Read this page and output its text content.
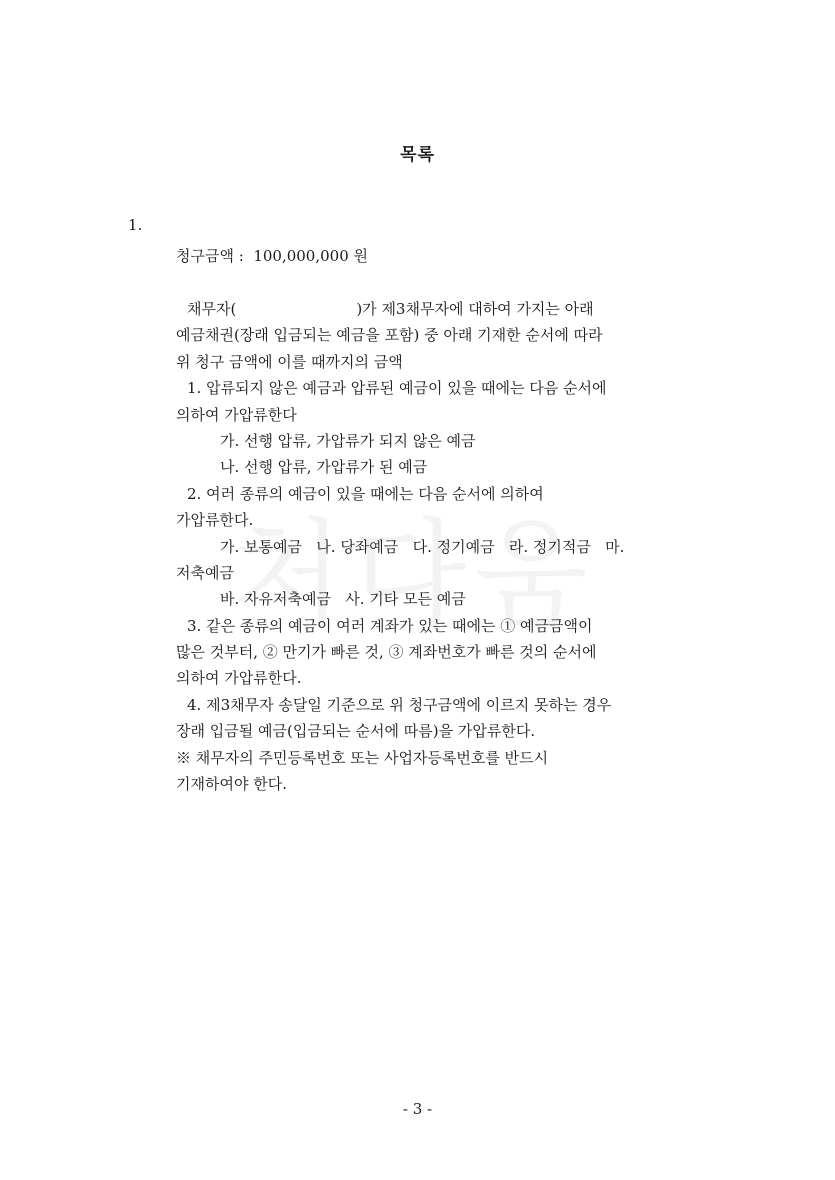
목록
1.
청구금액 :  100,000,000 원
채무자(	)가 제3채무자에 대하여 가지는 아래
예금채권(장래 입금되는 예금을 포함) 중 아래 기재한 순서에 따라
위 청구 금액에 이를 때까지의 금액
1. 압류되지 않은 예금과 압류된 예금이 있을 때에는 다음 순서에
의하여 가압류한다
가. 선행 압류, 가압류가 되지 않은 예금
나. 선행 압류, 가압류가 된 예금
2. 여러 종류의 예금이 있을 때에는 다음 순서에 의하여
가압류한다.
가. 보통예금   나. 당좌예금   다. 정기예금   라. 정기적금   마.
저축예금
바. 자유저축예금   사. 기타 모든 예금
3. 같은 종류의 예금이 여러 계좌가 있는 때에는 ① 예금금액이
많은 것부터, ② 만기가 빠른 것, ③ 계좌번호가 빠른 것의 순서에
의하여 가압류한다.
4. 제3채무자 송달일 기준으로 위 청구금액에 이르지 못하는 경우
장래 입금될 예금(입금되는 순서에 따름)을 가압류한다.
※ 채무자의 주민등록번호 또는 사업자등록번호를 반드시
기재하여야 한다.
- 3 -
